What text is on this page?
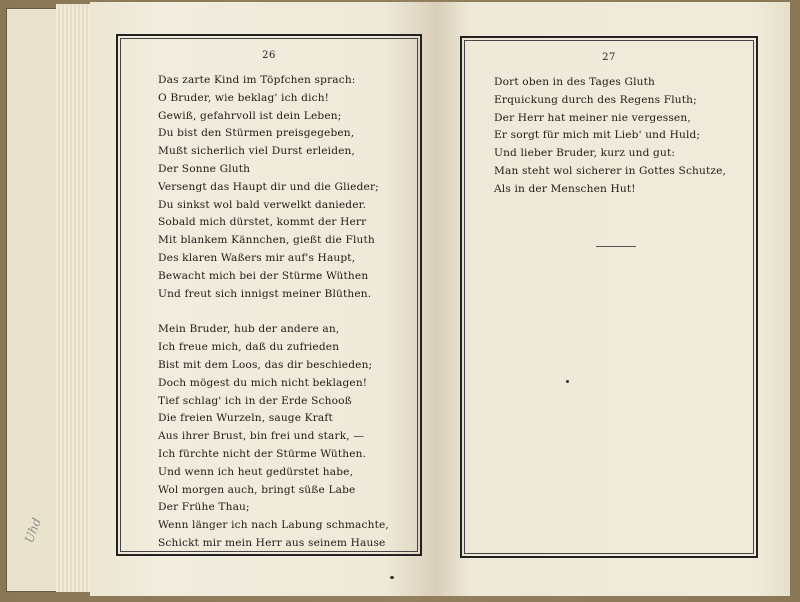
26
Das zarte Kind im Töpfchen sprach:
O Bruder, wie beklag' ich dich!
Gewiß, gefahrvoll ist dein Leben;
Du bist den Stürmen preisgegeben,
Mußt sicherlich viel Durst erleiden,
Der Sonne Gluth
Versengt das Haupt dir und die Glieder;
Du sinkst wol bald verwelkt danieder.
Sobald mich dürstet, kommt der Herr
Mit blankem Kännchen, gießt die Fluth
Des klaren Waßers mir auf's Haupt,
Bewacht mich bei der Stürme Wüthen
Und freut sich innigst meiner Blüthen.
Mein Bruder, hub der andere an,
Ich freue mich, daß du zufrieden
Bist mit dem Loos, das dir beschieden;
Doch mögest du mich nicht beklagen!
Tief schlag' ich in der Erde Schooß
Die freien Wurzeln, sauge Kraft
Aus ihrer Brust, bin frei und stark, —
Ich fürchte nicht der Stürme Wüthen.
Und wenn ich heut gedürstet habe,
Wol morgen auch, bringt süße Labe
Der Frühe Thau;
Wenn länger ich nach Labung schmachte,
Schickt mir mein Herr aus seinem Hause
27
Dort oben in des Tages Gluth
Erquickung durch des Regens Fluth;
Der Herr hat meiner nie vergessen,
Er sorgt für mich mit Lieb' und Huld;
Und lieber Bruder, kurz und gut:
Man steht wol sicherer in Gottes Schutze,
Als in der Menschen Hut!
Uhd
